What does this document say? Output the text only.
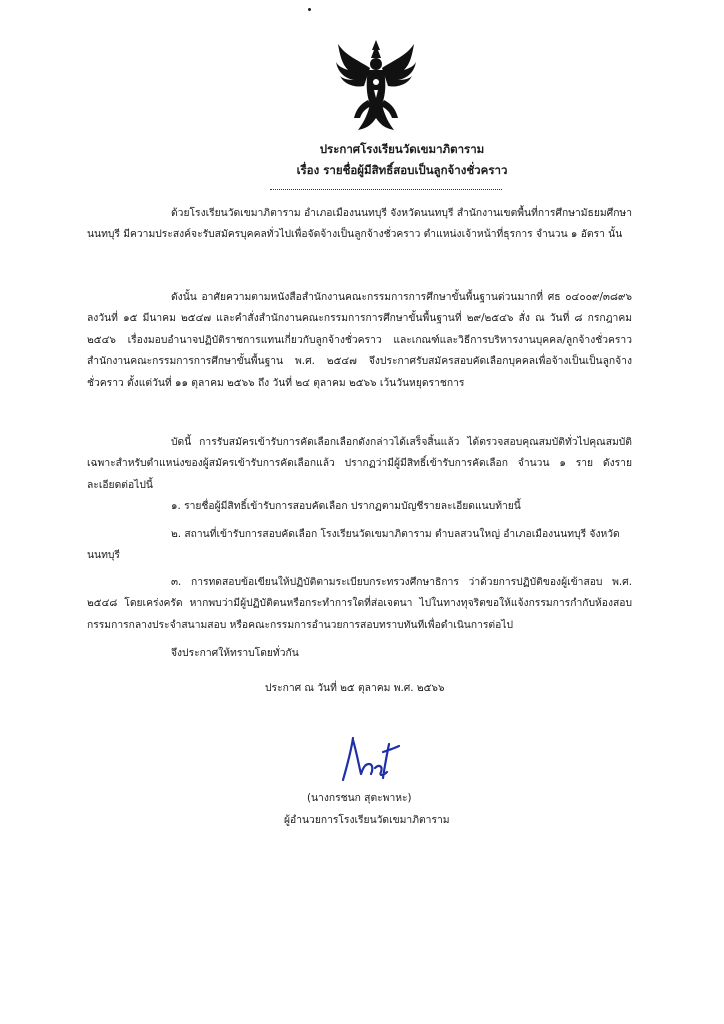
ประกาศโรงเรียนวัดเขมาภิตาราม
เรื่อง รายชื่อผู้มีสิทธิ์สอบเป็นลูกจ้างชั่วคราว

ด้วยโรงเรียนวัดเขมาภิตาราม อำเภอเมืองนนทบุรี จังหวัดนนทบุรี สำนักงานเขตพื้นที่การศึกษามัธยมศึกษานนทบุรี มีความประสงค์จะรับสมัครบุคคลทั่วไปเพื่อจัดจ้างเป็นลูกจ้างชั่วคราว ตำแหน่งเจ้าหน้าที่ธุรการ จำนวน ๑ อัตรา นั้น

ดังนั้น อาศัยความตามหนังสือสำนักงานคณะกรรมการการศึกษาขั้นพื้นฐานด่วนมากที่ ศธ ๐๔๐๐๙/๓๘๙๖ ลงวันที่ ๑๕ มีนาคม ๒๕๔๗ และคำสั่งสำนักงานคณะกรรมการการศึกษาขั้นพื้นฐานที่ ๒๙/๒๕๔๖ สั่ง ณ วันที่ ๘ กรกฎาคม ๒๕๔๖ เรื่องมอบอำนาจปฏิบัติราชการแทนเกี่ยวกับลูกจ้างชั่วคราว และเกณฑ์และวิธีการบริหารงานบุคคล/ลูกจ้างชั่วคราว สำนักงานคณะกรรมการการศึกษาขั้นพื้นฐาน พ.ศ. ๒๕๔๗ จึงประกาศรับสมัครสอบคัดเลือกบุคคลเพื่อจ้างเป็นเป็นลูกจ้างชั่วคราว ตั้งแต่วันที่ ๑๑ ตุลาคม ๒๕๖๖ ถึง วันที่ ๒๔ ตุลาคม ๒๕๖๖ เว้นวันหยุดราชการ

บัดนี้ การรับสมัครเข้ารับการคัดเลือกเลือกดังกล่าวได้เสร็จสิ้นแล้ว ได้ตรวจสอบคุณสมบัติทั่วไปคุณสมบัติเฉพาะสำหรับตำแหน่งของผู้สมัครเข้ารับการคัดเลือกแล้ว ปรากฏว่ามีผู้มีสิทธิ์เข้ารับการคัดเลือก จำนวน ๑ ราย ดังรายละเอียดต่อไปนี้

๑. รายชื่อผู้มีสิทธิ์เข้ารับการสอบคัดเลือก ปรากฏตามบัญชีรายละเอียดแนบท้ายนี้

๒. สถานที่เข้ารับการสอบคัดเลือก โรงเรียนวัดเขมาภิตาราม ตำบลสวนใหญ่ อำเภอเมืองนนทบุรี จังหวัดนนทบุรี

๓. การทดสอบข้อเขียนให้ปฏิบัติตามระเบียบกระทรวงศึกษาธิการ ว่าด้วยการปฏิบัติของผู้เข้าสอบ พ.ศ. ๒๕๔๘ โดยเคร่งครัด หากพบว่ามีผู้ปฏิบัติตนหรือกระทำการใดที่ส่อเจตนา ไปในทางทุจริตขอให้แจ้งกรรมการกำกับห้องสอบ กรรมการกลางประจำสนามสอบ หรือคณะกรรมการอำนวยการสอบทราบทันทีเพื่อดำเนินการต่อไป

จึงประกาศให้ทราบโดยทั่วกัน
ประกาศ ณ วันที่ ๒๕ ตุลาคม พ.ศ. ๒๕๖๖
(นางกรชนก สุตะพาหะ)
ผู้อำนวยการโรงเรียนวัดเขมาภิตาราม
